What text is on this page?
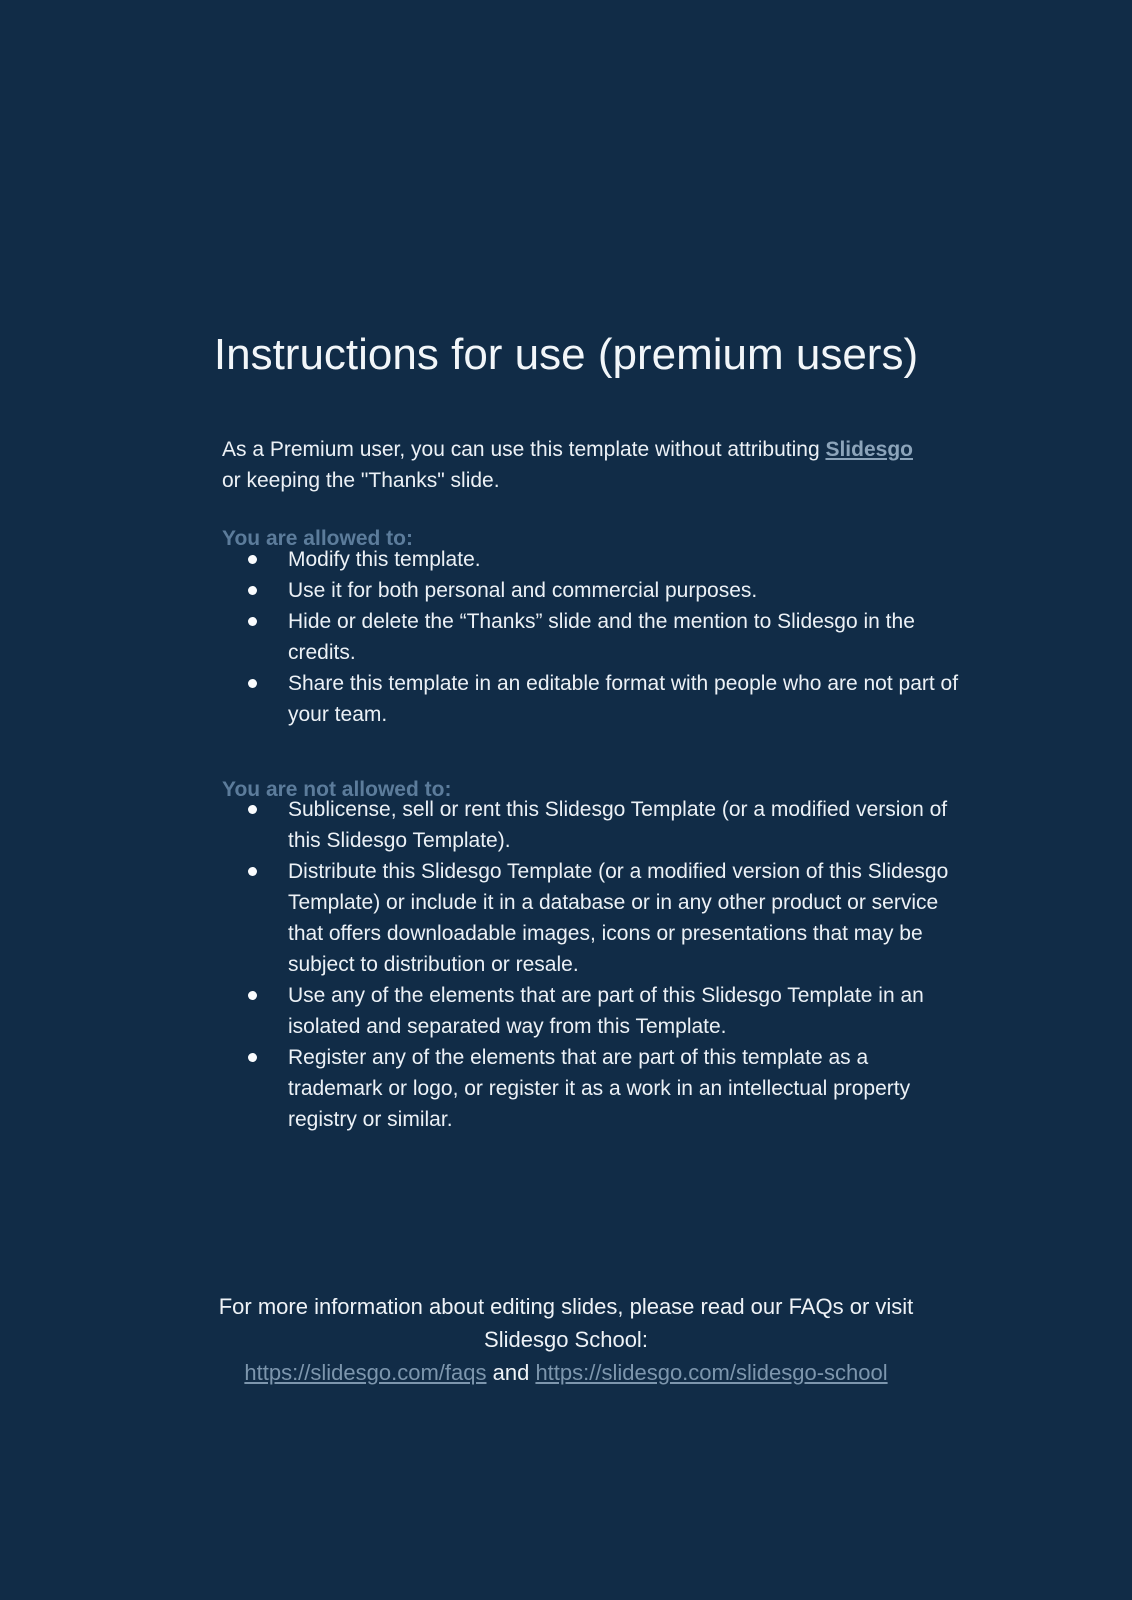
Instructions for use (premium users)

As a Premium user, you can use this template without attributing Slidesgo or keeping the "Thanks" slide.

You are allowed to:
Modify this template.
Use it for both personal and commercial purposes.
Hide or delete the “Thanks” slide and the mention to Slidesgo in the credits.
Share this template in an editable format with people who are not part of your team.
You are not allowed to:
Sublicense, sell or rent this Slidesgo Template (or a modified version of this Slidesgo Template).
Distribute this Slidesgo Template (or a modified version of this Slidesgo Template) or include it in a database or in any other product or service that offers downloadable images, icons or presentations that may be subject to distribution or resale.
Use any of the elements that are part of this Slidesgo Template in an isolated and separated way from this Template.
Register any of the elements that are part of this template as a trademark or logo, or register it as a work in an intellectual property registry or similar.

For more information about editing slides, please read our FAQs or visit
Slidesgo School:
https://slidesgo.com/faqs and https://slidesgo.com/slidesgo-school
